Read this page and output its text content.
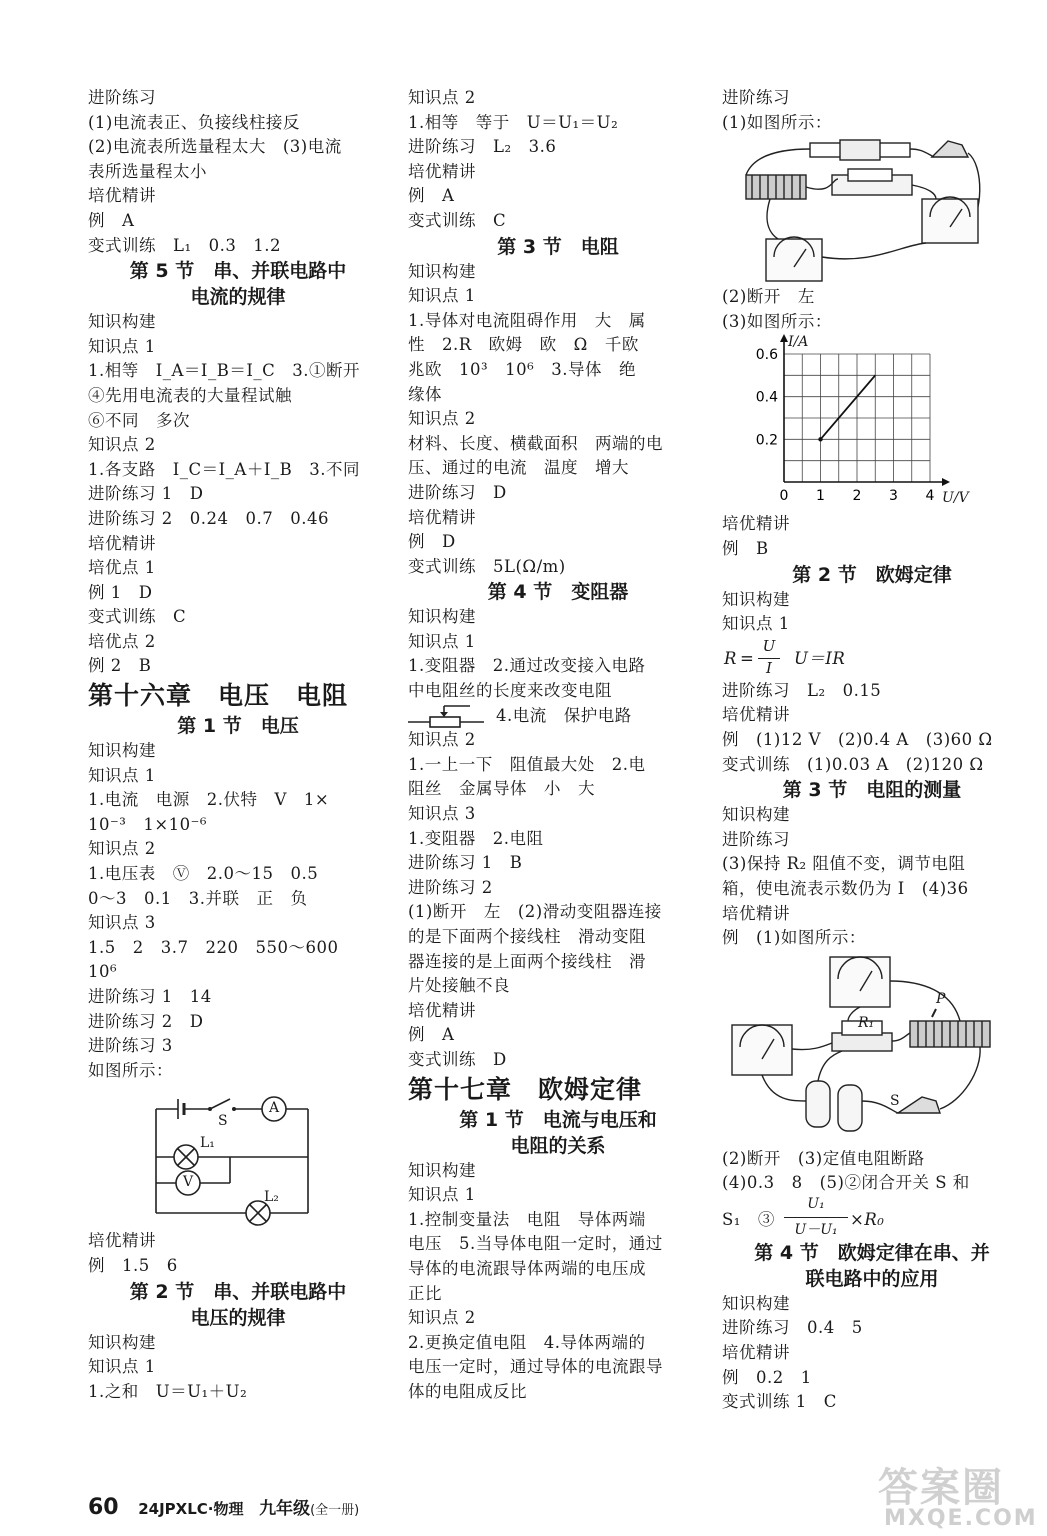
进阶练习
(1)电流表正、负接线柱接反
(2)电流表所选量程太大　(3)电流
表所选量程太小
培优精讲
例　A
变式训练　L₁　0.3　1.2
第 5 节　串、并联电路中
电流的规律
知识构建
知识点 1
1.相等　I_A＝I_B＝I_C　3.①断开
④先用电流表的大量程试触
⑥不同　多次
知识点 2
1.各支路　I_C＝I_A＋I_B　3.不同
进阶练习 1　D
进阶练习 2　0.24　0.7　0.46
培优精讲
培优点 1
例 1　D
变式训练　C
培优点 2
例 2　B
第十六章　电压　电阻
第 1 节　电压
知识构建
知识点 1
1.电流　电源　2.伏特　V　1×
10⁻³　1×10⁻⁶
知识点 2
1.电压表　Ⓥ　2.0～15　0.5
0～3　0.1　3.并联　正　负
知识点 3
1.5　2　3.7　220　550～600
10⁶
进阶练习 1　14
进阶练习 2　D
进阶练习 3
如图所示：
S
A
L₁
V
L₂
培优精讲
例　1.5　6
第 2 节　串、并联电路中
电压的规律
知识构建
知识点 1
1.之和　U＝U₁＋U₂
知识点 2
1.相等　等于　U＝U₁＝U₂
进阶练习　L₂　3.6
培优精讲
例　A
变式训练　C
第 3 节　电阻
知识构建
知识点 1
1.导体对电流阻碍作用　大　属
性　2.R　欧姆　欧　Ω　千欧
兆欧　10³　10⁶　3.导体　绝
缘体
知识点 2
材料、长度、横截面积　两端的电
压、通过的电流　温度　增大
进阶练习　D
培优精讲
例　D
变式训练　5L(Ω/m)
第 4 节　变阻器
知识构建
知识点 1
1.变阻器　2.通过改变接入电路
中电阻丝的长度来改变电阻
4.电流　保护电路
知识点 2
1.一上一下　阻值最大处　2.电
阻丝　金属导体　小　大
知识点 3
1.变阻器　2.电阻
进阶练习 1　B
进阶练习 2
(1)断开　左　(2)滑动变阻器连接
的是下面两个接线柱　滑动变阻
器连接的是上面两个接线柱　滑
片处接触不良
培优精讲
例　A
变式训练　D
第十七章　欧姆定律
第 1 节　电流与电压和
电阻的关系
知识构建
知识点 1
1.控制变量法　电阻　导体两端
电压　5.当导体电阻一定时，通过
导体的电流跟导体两端的电压成
正比
知识点 2
2.更换定值电阻　4.导体两端的
电压一定时，通过导体的电流跟导
体的电阻成反比
进阶练习
(1)如图所示：
(2)断开　左
(3)如图所示：
0 1 2 3 4
0.2
0.4
0.6
I/A
U/V
培优精讲
例　B
第 2 节　欧姆定律
知识构建
知识点 1
R =
U
I	U＝IR
进阶练习　L₂　0.15
培优精讲
例　(1)12 V　(2)0.4 A　(3)60 Ω
变式训练　(1)0.03 A　(2)120 Ω
第 3 节　电阻的测量
知识构建
进阶练习
(3)保持 R₂ 阻值不变，调节电阻
箱，使电流表示数仍为 I　(4)36
培优精讲
例　(1)如图所示：
R₁
P
S
(2)断开　(3)定值电阻断路
(4)0.3　8　(5)②闭合开关 S 和
S₁　③
U₁
U－U₁
×R₀
第 4 节　欧姆定律在串、并
联电路中的应用
知识构建
进阶练习　0.4　5
培优精讲
例　0.2　1
变式训练 1　C
60 24JPXLC·物理 九年级(全一册)	答案圈
MXQE.COM
